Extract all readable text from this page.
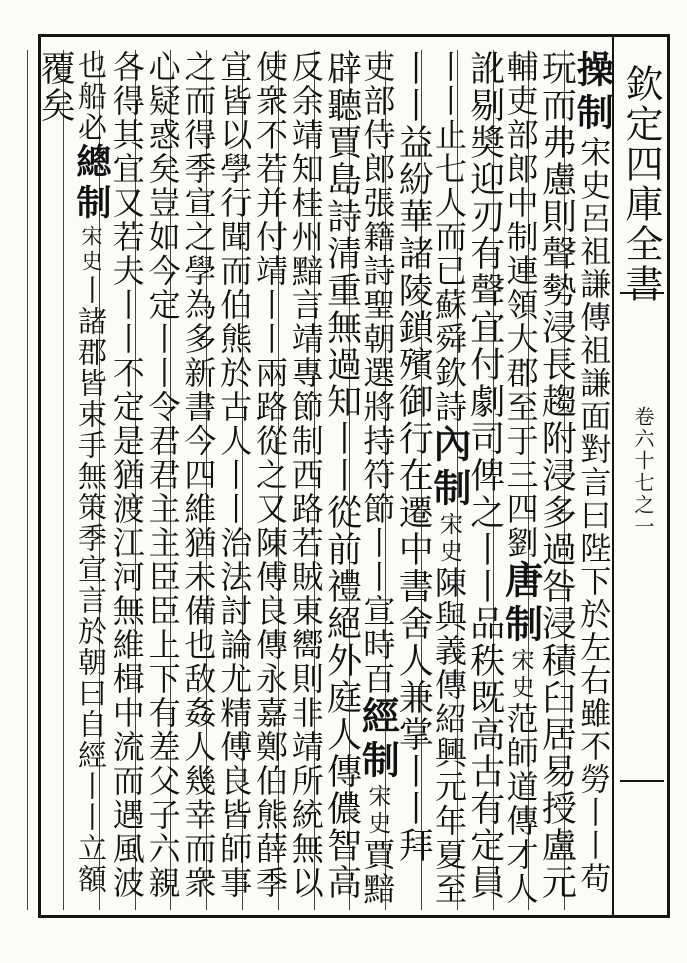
欽定四庫全書
卷六十七之一
操制宋史呂祖謙傳祖謙面對言曰陛下於左右雖不勞丨丨苟
玩而弗慮則聲勢浸長趨附浸多過咎浸積臼居易授盧元
輔吏部郎中制連領大郡至于三四劉唐制宋史范師道傳才人
訛剔奬迎刃有聲宜付劇司俾之丨丨品秩既高古有定員
丨丨止七人而已蘇舜欽詩內制宋史陳與義傳紹興元年夏至
丨丨益紛華諸陵鎖殯御行在遷中書舍人兼掌丨丨拜
吏部侍郎張籍詩聖朝選將持符節丨丨宣時百經制宋史賈黯
辟聽賈島詩清重無過知丨丨從前禮絕外庭人傳儂智高
反余靖知桂州黯言靖專節制西路若賊東嚮則非靖所統無以
使衆不若并付靖丨丨兩路從之又陳傅良傳永嘉鄭伯熊薛季
宣皆以學行聞而伯熊於古人丨丨治法討論尤精傅良皆師事
之而得季宣之學為多新書今四維猶未備也敌姦人幾幸而衆
心疑惑矣豈如今定丨丨令君君主主臣臣上下有差父子六親
各得其宜又若夫丨丨不定是猶渡江河無維楫中流而遇風波
也船必總制宋史丨諸郡皆束手無策季宣言於朝曰自經丨丨立額
覆矣
